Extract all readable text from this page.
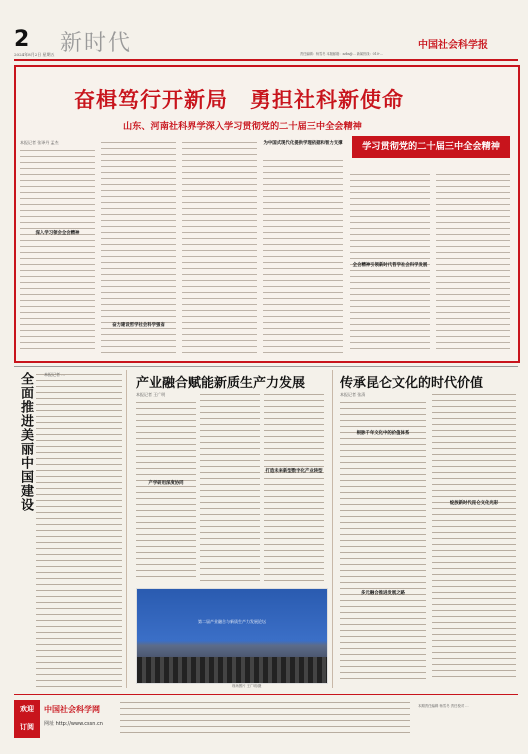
2
2024年8月2日 星期五 新时代	中国社会科学报
责任编辑：杨雪冬 本版邮箱：zzbs@... 新闻热线：010-...
奋楫笃行开新局　勇担社科新使命
山东、河南社科界学深入学习贯彻党的二十届三中全会精神
本报记者 张译丹 孟杰
深入学习领会全会精神
奋力建设哲学社会科学强省
为中国式现代化提供学理依据和智力支撑
全会精神引领新时代哲学社会科学发展
学习贯彻党的二十届三中全会精神
全面推进美丽中国建设	本报记者 ...
产业融合赋能新质生产力发展
本报记者 王广明
产学研用深度协同
打造未来新型数字化产业转型
第二届产业融合与新质生产力发展论坛
现场图片 王广明/摄
传承昆仑文化的时代价值
本报记者 张清
根脉千年文化中的价值体系
多元融合推进发展之路
绽放新时代昆仑文化光彩
欢迎
订阅
中国社会科学网
网址 http://www.cssn.cn
本期责任编辑 杨雪冬 责任校对 ...
